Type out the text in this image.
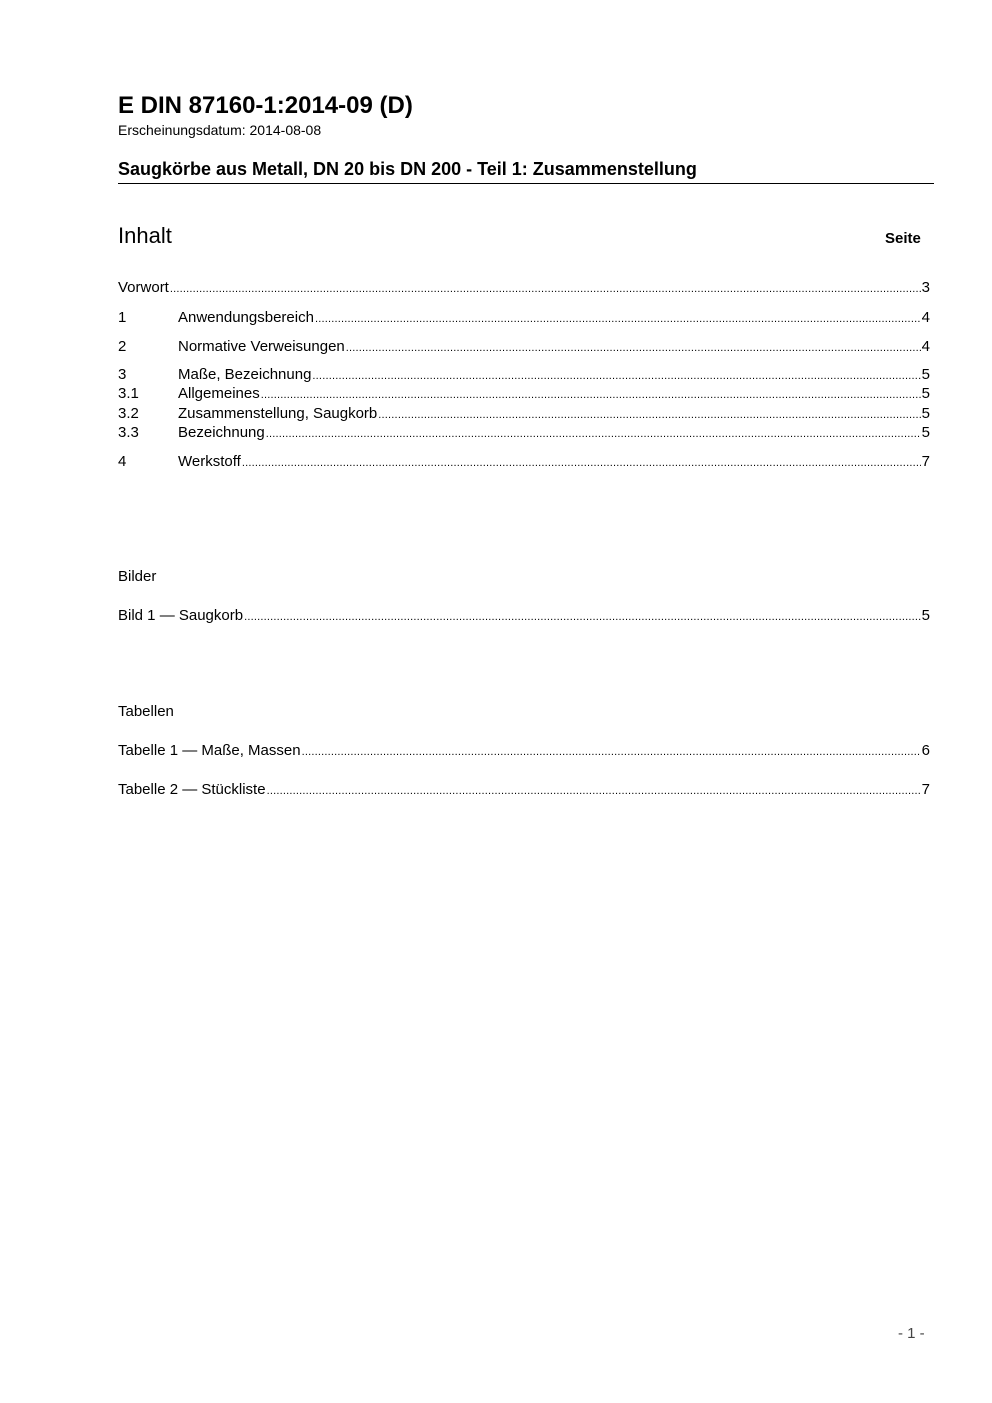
E DIN 87160-1:2014-09 (D)
Erscheinungsdatum: 2014-08-08
Saugkörbe aus Metall, DN 20 bis DN 200 - Teil 1: Zusammenstellung
Inhalt	Seite
Vorwort .....	3
1	Anwendungsbereich .....	4
2	Normative Verweisungen .....	4
3	Maße, Bezeichnung .....	5
3.1	Allgemeines .....	5
3.2	Zusammenstellung, Saugkorb .....	5
3.3	Bezeichnung .....	5
4	Werkstoff .....	7
Bilder
Bild 1 — Saugkorb .....	5
Tabellen
Tabelle 1 — Maße, Massen .....	6
Tabelle 2 — Stückliste .....	7
- 1 -
